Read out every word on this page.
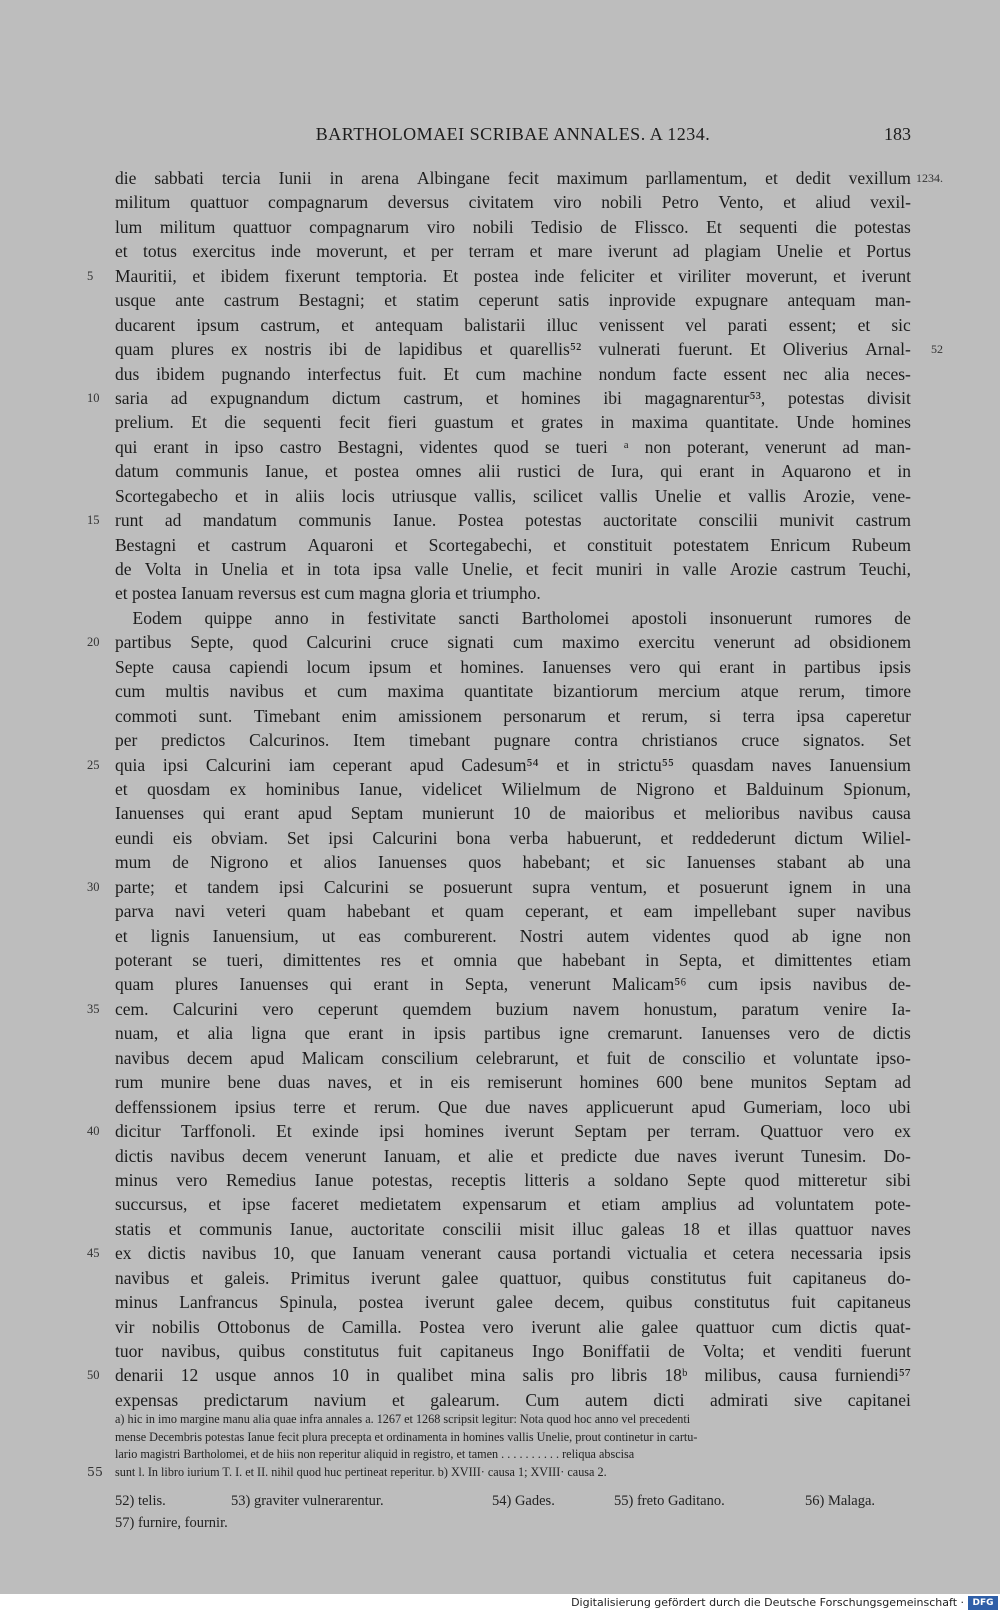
BARTHOLOMAEI SCRIBAE ANNALES. A 1234.	183
die sabbati tercia Iunii in arena Albingane fecit maximum parllamentum, et dedit vexillum 1234.
militum quattuor compagnarum deversus civitatem viro nobili Petro Vento, et aliud vexil-
lum militum quattuor compagnarum viro nobili Tedisio de Flissco. Et sequenti die potestas
et totus exercitus inde moverunt, et per terram et mare iverunt ad plagiam Unelie et Portus
5 Mauritii, et ibidem fixerunt temptoria. Et postea inde feliciter et viriliter moverunt, et iverunt
usque ante castrum Bestagni; et statim ceperunt satis inprovide expugnare antequam man-
ducarent ipsum castrum, et antequam balistarii illuc venissent vel parati essent; et sic
quam plures ex nostris ibi de lapidibus et quarellis⁵² vulnerati fuerunt. Et Oliverius Arnal- 52
dus ibidem pugnando interfectus fuit. Et cum machine nondum facte essent nec alia neces-
10 saria ad expugnandum dictum castrum, et homines ibi magagnarentur⁵³, potestas divisit
prelium. Et die sequenti fecit fieri guastum et grates in maxima quantitate. Unde homines
qui erant in ipso castro Bestagni, videntes quod se tueri ᵃ non poterant, venerunt ad man-
datum communis Ianue, et postea omnes alii rustici de Iura, qui erant in Aquarono et in
Scortegabecho et in aliis locis utriusque vallis, scilicet vallis Unelie et vallis Arozie, vene-
15 runt ad mandatum communis Ianue. Postea potestas auctoritate conscilii munivit castrum
Bestagni et castrum Aquaroni et Scortegabechi, et constituit potestatem Enricum Rubeum
de Volta in Unelia et in tota ipsa valle Unelie, et fecit muniri in valle Arozie castrum Teuchi,
et postea Ianuam reversus est cum magna gloria et triumpho.
Eodem quippe anno in festivitate sancti Bartholomei apostoli insonuerunt rumores de
20 partibus Septe, quod Calcurini cruce signati cum maximo exercitu venerunt ad obsidionem
Septe causa capiendi locum ipsum et homines. Ianuenses vero qui erant in partibus ipsis
cum multis navibus et cum maxima quantitate bizantiorum mercium atque rerum, timore
commoti sunt. Timebant enim amissionem personarum et rerum, si terra ipsa caperetur
per predictos Calcurinos. Item timebant pugnare contra christianos cruce signatos. Set
25 quia ipsi Calcurini iam ceperant apud Cadesum⁵⁴ et in strictu⁵⁵ quasdam naves Ianuensium
et quosdam ex hominibus Ianue, videlicet Wilielmum de Nigrono et Balduinum Spionum,
Ianuenses qui erant apud Septam munierunt 10 de maioribus et melioribus navibus causa
eundi eis obviam. Set ipsi Calcurini bona verba habuerunt, et reddederunt dictum Wiliel-
mum de Nigrono et alios Ianuenses quos habebant; et sic Ianuenses stabant ab una
30 parte; et tandem ipsi Calcurini se posuerunt supra ventum, et posuerunt ignem in una
parva navi veteri quam habebant et quam ceperant, et eam impellebant super navibus
et lignis Ianuensium, ut eas comburerent. Nostri autem videntes quod ab igne non
poterant se tueri, dimittentes res et omnia que habebant in Septa, et dimittentes etiam
quam plures Ianuenses qui erant in Septa, venerunt Malicam⁵⁶ cum ipsis navibus de-
35 cem. Calcurini vero ceperunt quemdem buzium navem honustum, paratum venire Ia-
nuam, et alia ligna que erant in ipsis partibus igne cremarunt. Ianuenses vero de dictis
navibus decem apud Malicam conscilium celebrarunt, et fuit de conscilio et voluntate ipso-
rum munire bene duas naves, et in eis remiserunt homines 600 bene munitos Septam ad
deffenssionem ipsius terre et rerum. Que due naves applicuerunt apud Gumeriam, loco ubi
40 dicitur Tarffonoli. Et exinde ipsi homines iverunt Septam per terram. Quattuor vero ex
dictis navibus decem venerunt Ianuam, et alie et predicte due naves iverunt Tunesim. Do-
minus vero Remedius Ianue potestas, receptis litteris a soldano Septe quod mitteretur sibi
succursus, et ipse faceret medietatem expensarum et etiam amplius ad voluntatem pote-
statis et communis Ianue, auctoritate conscilii misit illuc galeas 18 et illas quattuor naves
45 ex dictis navibus 10, que Ianuam venerant causa portandi victualia et cetera necessaria ipsis
navibus et galeis. Primitus iverunt galee quattuor, quibus constitutus fuit capitaneus do-
minus Lanfrancus Spinula, postea iverunt galee decem, quibus constitutus fuit capitaneus
vir nobilis Ottobonus de Camilla. Postea vero iverunt alie galee quattuor cum dictis quat-
tuor navibus, quibus constitutus fuit capitaneus Ingo Boniffatii de Volta; et venditi fuerunt
50 denarii 12 usque annos 10 in qualibet mina salis pro libris 18ᵇ milibus, causa furniendi⁵⁷
expensas predictarum navium et galearum. Cum autem dicti admirati sive capitanei
a) hic in imo margine manu alia quae infra annales a. 1267 et 1268 scripsit legitur: Nota quod hoc anno vel precedenti
mense Decembris potestas Ianue fecit plura precepta et ordinamenta in homines vallis Unelie, prout continetur in cartu-
lario magistri Bartholomei, et de hiis non reperitur aliquid in registro, et tamen . . . . . . . . . . reliqua abscisa
sunt l. In libro iurium T. I. et II. nihil quod huc pertineat reperitur. b) XVIII· causa 1; XVIII· causa 2.
55
52) telis.	53) graviter vulnerarentur.	54) Gades.	55) freto Gaditano.	56) Malaga.
57) furnire, fournir.
Digitalisierung gefördert durch die Deutsche Forschungsgemeinschaft · DFG
